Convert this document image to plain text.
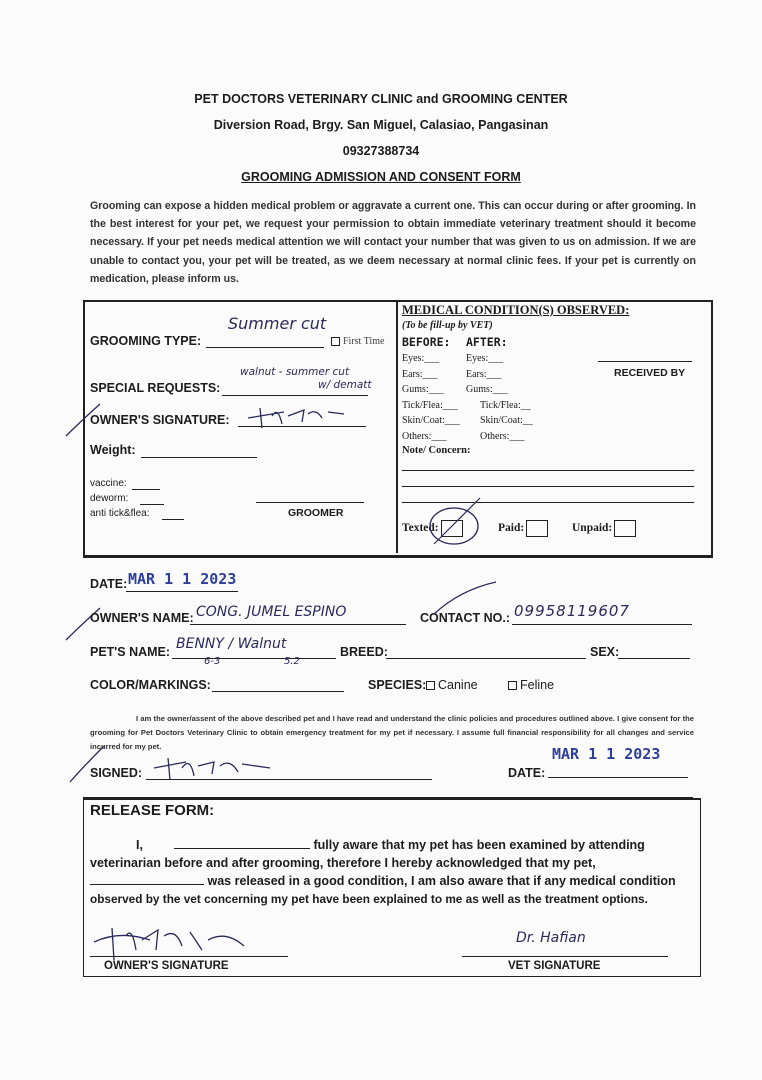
PET DOCTORS VETERINARY CLINIC and GROOMING CENTER
Diversion Road, Brgy. San Miguel, Calasiao, Pangasinan
09327388734
GROOMING ADMISSION AND CONSENT FORM
Grooming can expose a hidden medical problem or aggravate a current one. This can occur during or after grooming. In the best interest for your pet, we request your permission to obtain immediate veterinary treatment should it become necessary. If your pet needs medical attention we will contact your number that was given to us on admission. If we are unable to contact you, your pet will be treated, as we deem necessary at normal clinic fees. If your pet is currently on medication, please inform us.
GROOMING TYPE:
Summer cut
First Time
SPECIAL REQUESTS:
walnut - summer cut
w/ dematt
OWNER'S SIGNATURE:
Weight:
vaccine:
deworm:
anti tick&flea:	GROOMER
MEDICAL CONDITION(S) OBSERVED:
(To be fill-up by VET)
BEFORE: AFTER:
Eyes:___	Eyes:___
Ears:___	Ears:___
Gums:___ Gums:___
Tick/Flea:___ Tick/Flea:__
Skin/Coat:___ Skin/Coat:__
Others:___	Others:___
RECEIVED BY
Note/ Concern:
Texted:	Paid:	Unpaid:
DATE: MAR 1 1 2023
OWNER'S NAME: CONG. JUMEL ESPINO	CONTACT NO.: 09958119607
PET'S NAME: BENNY / Walnut
6-3	5.2
BREED:	SEX:
COLOR/MARKINGS:	SPECIES: Canine	Feline
I am the owner/assent of the above described pet and I have read and understand the clinic policies and procedures outlined above. I give consent for the grooming for Pet Doctors Veterinary Clinic to obtain emergency treatment for my pet if necessary. I assume full financial responsibility for all changes and service incurred for my pet.	MAR 1 1 2023
SIGNED:	DATE:
RELEASE FORM:
I,	fully aware that my pet has been examined by attending
veterinarian before and after grooming, therefore I hereby acknowledged that my pet,
was released in a good condition, I am also aware that if any medical condition
observed by the vet concerning my pet have been explained to me as well as the treatment options.
OWNER'S SIGNATURE
Dr. Hafian
VET SIGNATURE
